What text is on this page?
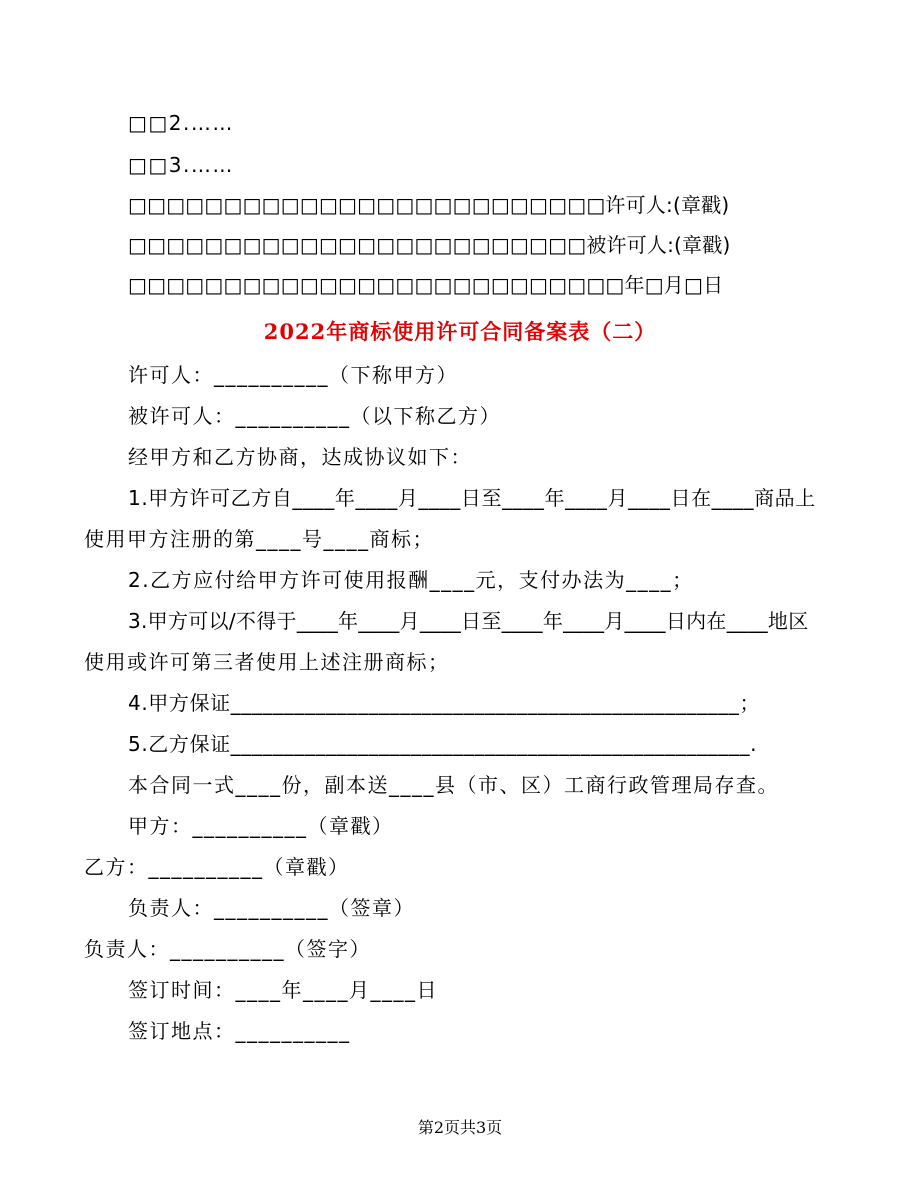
□□2.……
□□3.……
□□□□□□□□□□□□□□□□□□□□□□□□□许可人:(章戳)
□□□□□□□□□□□□□□□□□□□□□□□□被许可人:(章戳)
□□□□□□□□□□□□□□□□□□□□□□□□□□年□月□日
2022年商标使用许可合同备案表（二）
许可人：__________（下称甲方）
被许可人：__________（以下称乙方）
经甲方和乙方协商，达成协议如下：
1.甲方许可乙方自____年____月____日至____年____月____日在____商品上
使用甲方注册的第____号____商标；
2.乙方应付给甲方许可使用报酬____元，支付办法为____；
3.甲方可以/不得于____年____月____日至____年____月____日内在____地区
使用或许可第三者使用上述注册商标；
4.甲方保证________________________________________________；
5.乙方保证_________________________________________________.
本合同一式____份，副本送____县（市、区）工商行政管理局存查。
甲方：__________（章戳）
乙方：__________（章戳）
负责人：__________（签章）
负责人：__________（签字）
签订时间：____年____月____日
签订地点：__________
第2页共3页
